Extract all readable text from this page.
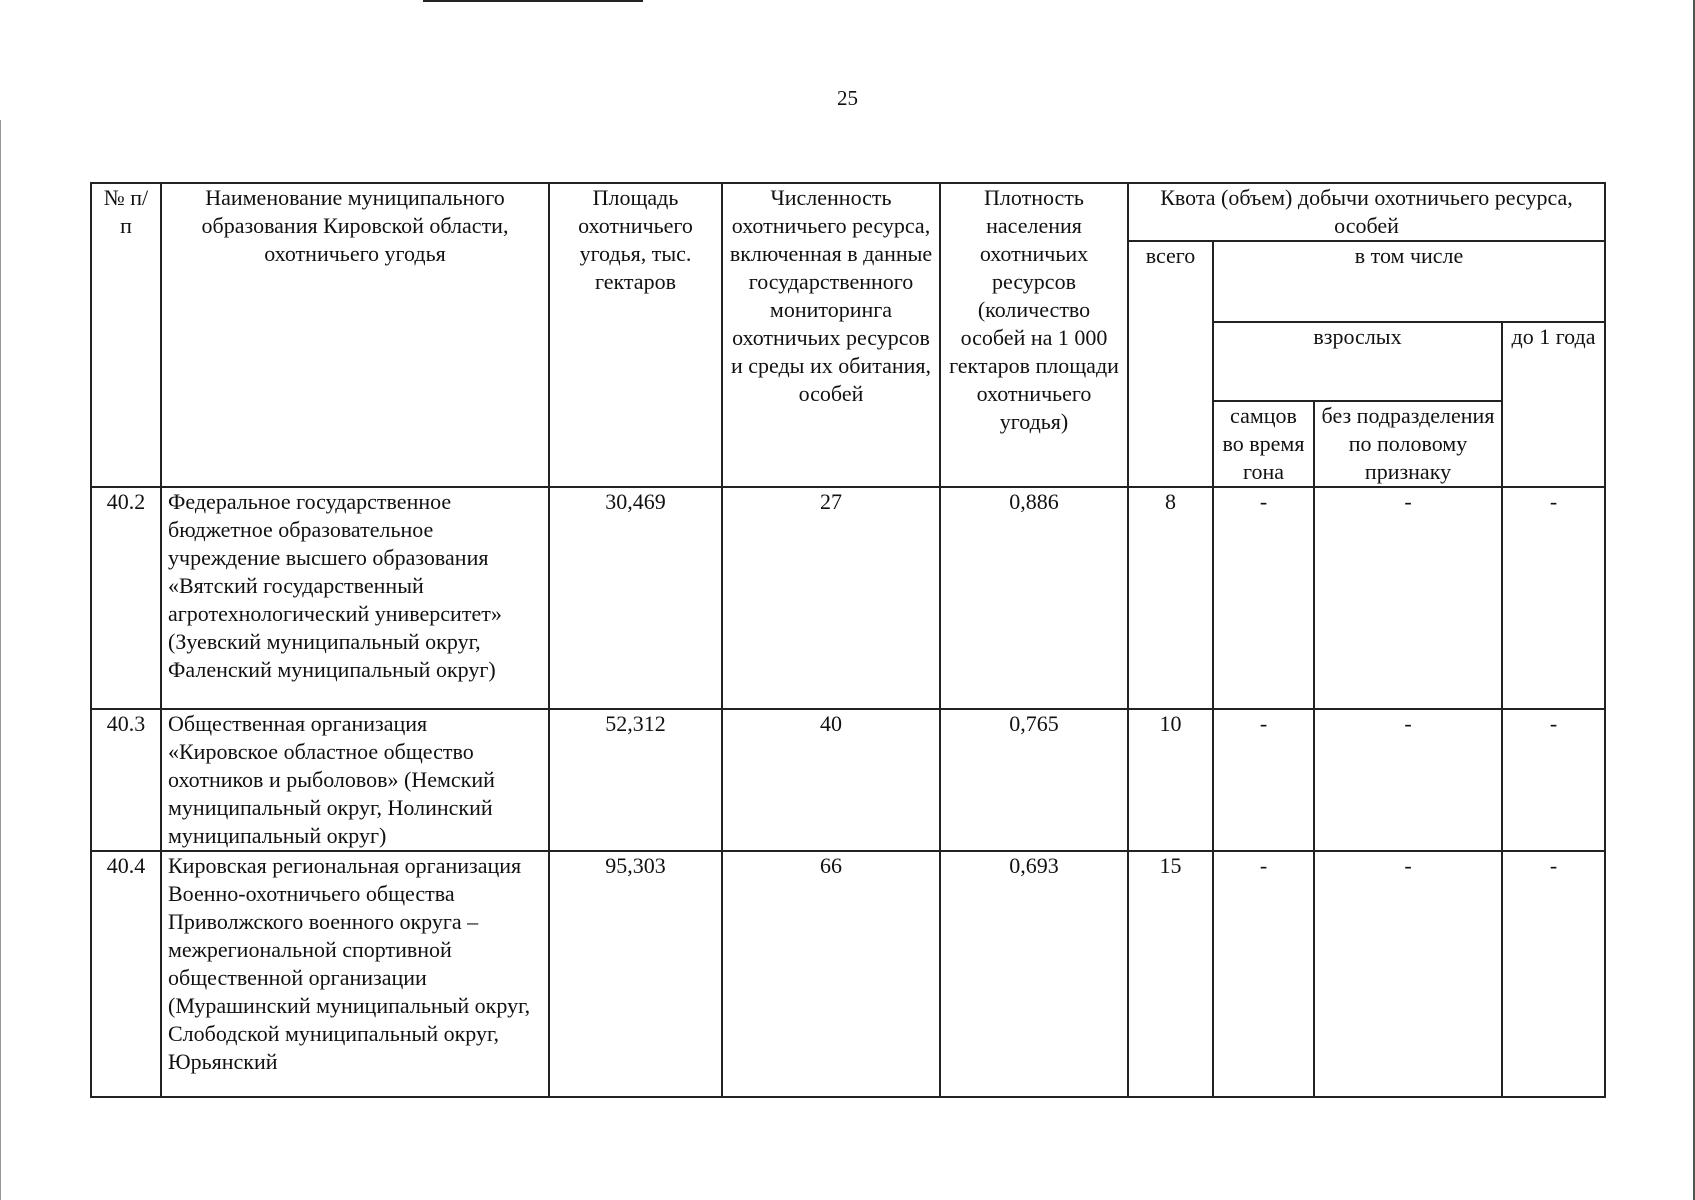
25
№ п/п	Наименование муниципального образования Кировской области, охотничьего угодья	Площадь охотничьего угодья, тыс. гектаров	Численность охотничьего ресурса, включенная в данные государственного мониторинга охотничьих ресурсов и среды их обитания, особей	Плотность населения охотничьих ресурсов (количество особей на 1 000 гектаров площади охотничьего угодья)	Квота (объем) добычи охотничьего ресурса, особей			
					всего	в том числе		
						взрослых		до 1 года
						самцов во время гона	без подразделения по половому признаку	
40.2	Федеральное государственное бюджетное образовательное учреждение высшего образования «Вятский государственный агротехнологический университет» (Зуевский муниципальный округ, Фаленский муниципальный округ)	30,469	27	0,886	8	-	-	-
40.3	Общественная организация «Кировское областное общество охотников и рыболовов» (Немский муниципальный округ, Нолинский муниципальный округ)	52,312	40	0,765	10	-	-	-
40.4	Кировская региональная организация Военно-охотничьего общества Приволжского военного округа – межрегиональной спортивной общественной организации (Мурашинский муниципальный округ, Слободской муниципальный округ, Юрьянский	95,303	66	0,693	15	-	-	-
